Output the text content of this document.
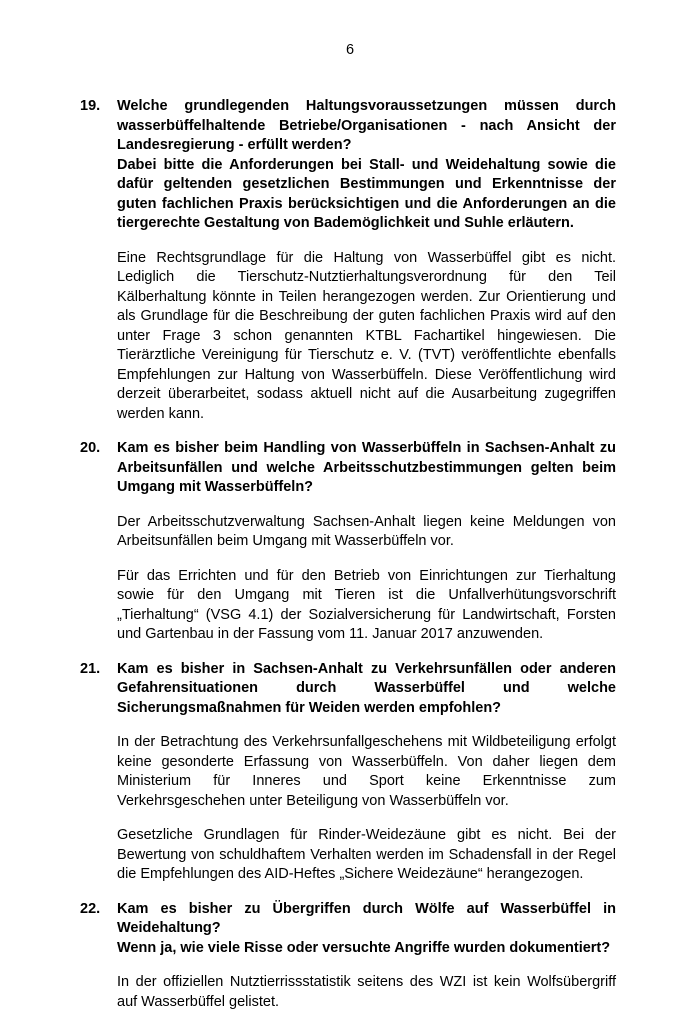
6
19. Welche grundlegenden Haltungsvoraussetzungen müssen durch wasserbüffelhaltende Betriebe/Organisationen - nach Ansicht der Landesregierung - erfüllt werden?
Dabei bitte die Anforderungen bei Stall- und Weidehaltung sowie die dafür geltenden gesetzlichen Bestimmungen und Erkenntnisse der guten fachlichen Praxis berücksichtigen und die Anforderungen an die tiergerechte Gestaltung von Bademöglichkeit und Suhle erläutern.
Eine Rechtsgrundlage für die Haltung von Wasserbüffel gibt es nicht. Lediglich die Tierschutz-Nutztierhaltungsverordnung für den Teil Kälberhaltung könnte in Teilen herangezogen werden. Zur Orientierung und als Grundlage für die Beschreibung der guten fachlichen Praxis wird auf den unter Frage 3 schon genannten KTBL Fachartikel hingewiesen. Die Tierärztliche Vereinigung für Tierschutz e. V. (TVT) veröffentlichte ebenfalls Empfehlungen zur Haltung von Wasserbüffeln. Diese Veröffentlichung wird derzeit überarbeitet, sodass aktuell nicht auf die Ausarbeitung zugegriffen werden kann.
20. Kam es bisher beim Handling von Wasserbüffeln in Sachsen-Anhalt zu Arbeitsunfällen und welche Arbeitsschutzbestimmungen gelten beim Umgang mit Wasserbüffeln?
Der Arbeitsschutzverwaltung Sachsen-Anhalt liegen keine Meldungen von Arbeitsunfällen beim Umgang mit Wasserbüffeln vor.
Für das Errichten und für den Betrieb von Einrichtungen zur Tierhaltung sowie für den Umgang mit Tieren ist die Unfallverhütungsvorschrift „Tierhaltung“ (VSG 4.1) der Sozialversicherung für Landwirtschaft, Forsten und Gartenbau in der Fassung vom 11. Januar 2017 anzuwenden.
21. Kam es bisher in Sachsen-Anhalt zu Verkehrsunfällen oder anderen Gefahrensituationen durch Wasserbüffel und welche Sicherungsmaßnahmen für Weiden werden empfohlen?
In der Betrachtung des Verkehrsunfallgeschehens mit Wildbeteiligung erfolgt keine gesonderte Erfassung von Wasserbüffeln. Von daher liegen dem Ministerium für Inneres und Sport keine Erkenntnisse zum Verkehrsgeschehen unter Beteiligung von Wasserbüffeln vor.
Gesetzliche Grundlagen für Rinder-Weidezäune gibt es nicht. Bei der Bewertung von schuldhaftem Verhalten werden im Schadensfall in der Regel die Empfehlungen des AID-Heftes „Sichere Weidezäune“ herangezogen.
22. Kam es bisher zu Übergriffen durch Wölfe auf Wasserbüffel in Weidehaltung?
Wenn ja, wie viele Risse oder versuchte Angriffe wurden dokumentiert?
In der offiziellen Nutztierrissstatistik seitens des WZI ist kein Wolfsübergriff auf Wasserbüffel gelistet.
